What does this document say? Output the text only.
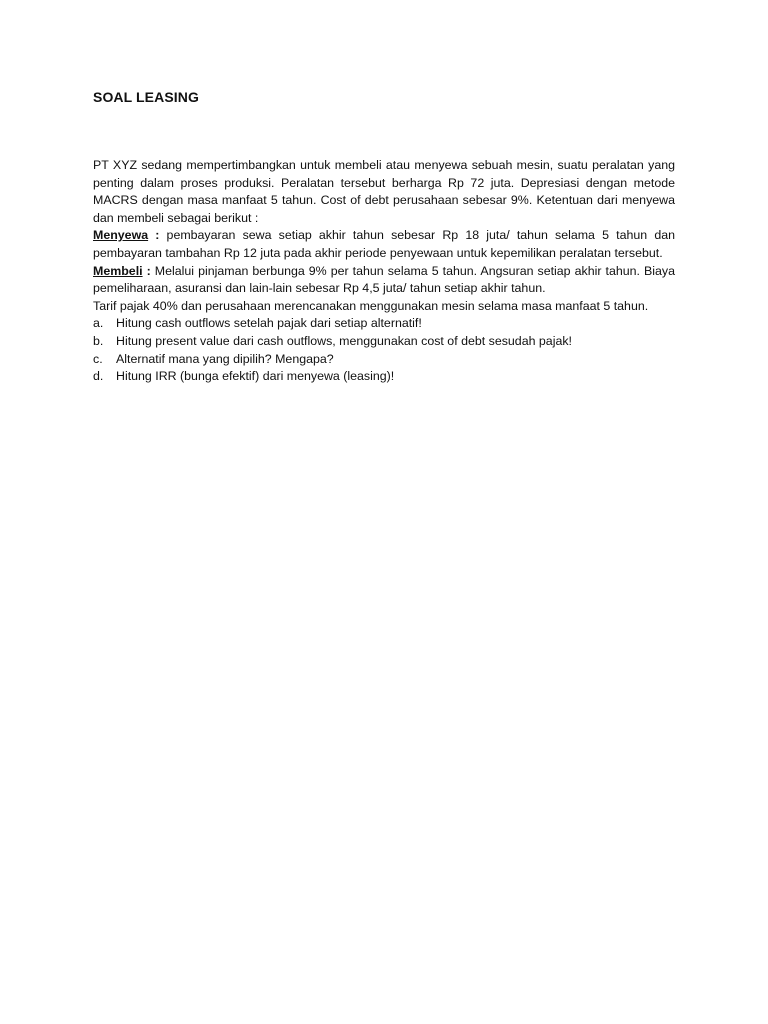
SOAL LEASING

PT XYZ sedang mempertimbangkan untuk membeli atau menyewa sebuah mesin, suatu peralatan yang penting dalam proses produksi. Peralatan tersebut berharga Rp 72 juta. Depresiasi dengan metode MACRS dengan masa manfaat 5 tahun. Cost of debt perusahaan sebesar 9%. Ketentuan dari menyewa dan membeli sebagai berikut :

Menyewa : pembayaran sewa setiap akhir tahun sebesar Rp 18 juta/ tahun selama 5 tahun dan pembayaran tambahan Rp 12 juta pada akhir periode penyewaan untuk kepemilikan peralatan tersebut.

Membeli : Melalui pinjaman berbunga 9% per tahun selama 5 tahun. Angsuran setiap akhir tahun. Biaya pemeliharaan, asuransi dan lain-lain sebesar Rp 4,5 juta/ tahun setiap akhir tahun.

Tarif pajak 40% dan perusahaan merencanakan menggunakan mesin selama masa manfaat 5 tahun.

a.	Hitung cash outflows setelah pajak dari setiap alternatif!
b.	Hitung present value dari cash outflows, menggunakan cost of debt sesudah pajak!
c.	Alternatif mana yang dipilih? Mengapa?
d.	Hitung IRR (bunga efektif) dari menyewa (leasing)!
